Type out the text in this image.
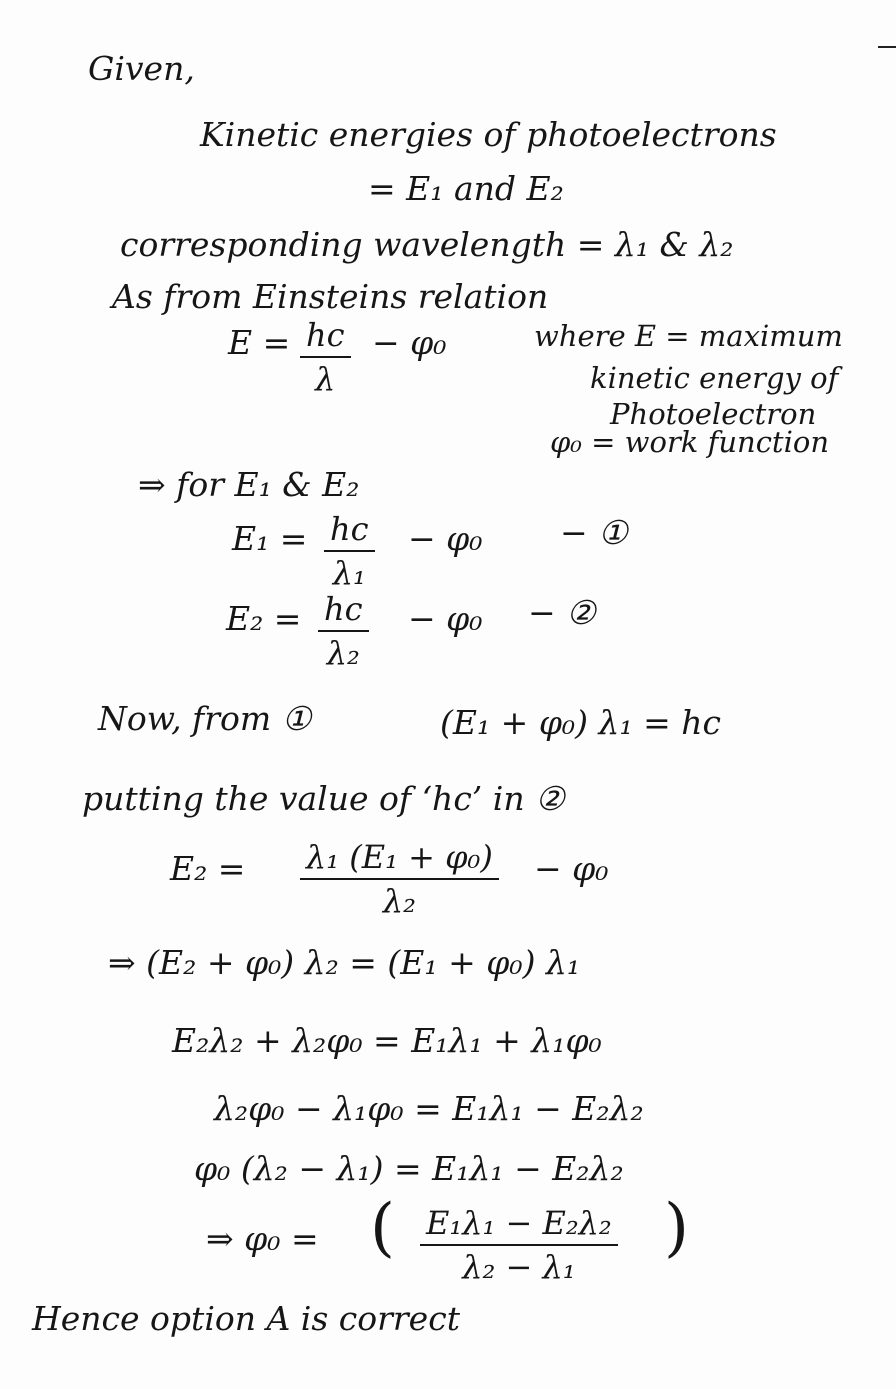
Given,
Kinetic energies of photoelectrons
= E₁ and E₂
corresponding wavelength = λ₁ & λ₂
As from Einsteins relation
$E = \frac{hc}{\lambda} - \varphi_0$	where E = maximum
kinetic energy of
Photoelectron
φ₀ = work function
⇒ for E₁ & E₂
$E_1 = \frac{hc}{\text{λ₁}} - \varphi_0$ − ①
$E_2 = \frac{hc}{\text{λ₂}} - \varphi_0$ − ②
Now, from ①	(E₁ + φ₀) λ₁ = hc
putting the value of ‘hc’ in ②
$E_2 = \frac{\text{λ₁ (E₁ + φ₀)}}{\text{λ₂}} - \varphi_0$
⇒ (E₂ + φ₀) λ₂ = (E₁ + φ₀) λ₁
E₂λ₂ + λ₂φ₀ = E₁λ₁ + λ₁φ₀
λ₂φ₀ − λ₁φ₀ = E₁λ₁ − E₂λ₂
φ₀ (λ₂ − λ₁) = E₁λ₁ − E₂λ₂
⇒ φ₀ = ( $\frac{\text{E₁λ₁ − E₂λ₂}}{\text{λ₂ − λ₁}}$ )
Hence option A is correct
